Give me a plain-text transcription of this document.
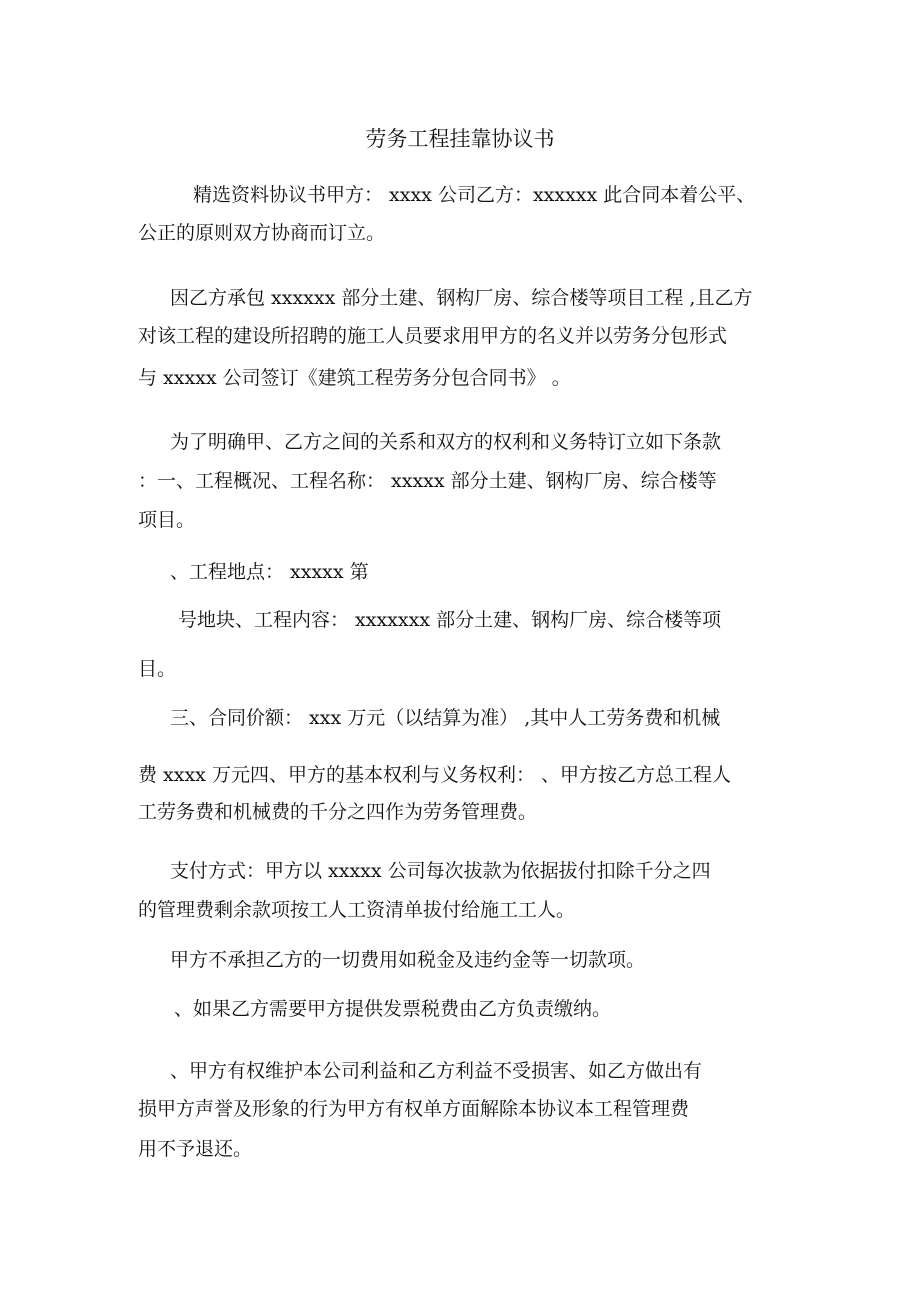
劳务工程挂靠协议书
精选资料协议书甲方： xxxx 公司乙方：xxxxxx 此合同本着公平、
公正的原则双方协商而订立。
因乙方承包 xxxxxx 部分土建、钢构厂房、综合楼等项目工程 ,且乙方
对该工程的建设所招聘的施工人员要求用甲方的名义并以劳务分包形式
与 xxxxx 公司签订《建筑工程劳务分包合同书》 。
为了明确甲、乙方之间的关系和双方的权利和义务特订立如下条款
：一、工程概况、工程名称： xxxxx 部分土建、钢构厂房、综合楼等
项目。
、工程地点： xxxxx 第
号地块、工程内容： xxxxxxx 部分土建、钢构厂房、综合楼等项
目。
三、合同价额： xxx 万元（以结算为准） ,其中人工劳务费和机械
费 xxxx 万元四、甲方的基本权利与义务权利： 、甲方按乙方总工程人
工劳务费和机械费的千分之四作为劳务管理费。
支付方式：甲方以 xxxxx 公司每次拔款为依据拔付扣除千分之四
的管理费剩余款项按工人工资清单拔付给施工工人。
甲方不承担乙方的一切费用如税金及违约金等一切款项。
、如果乙方需要甲方提供发票税费由乙方负责缴纳。
、甲方有权维护本公司利益和乙方利益不受损害、如乙方做出有
损甲方声誉及形象的行为甲方有权单方面解除本协议本工程管理费
用不予退还。
